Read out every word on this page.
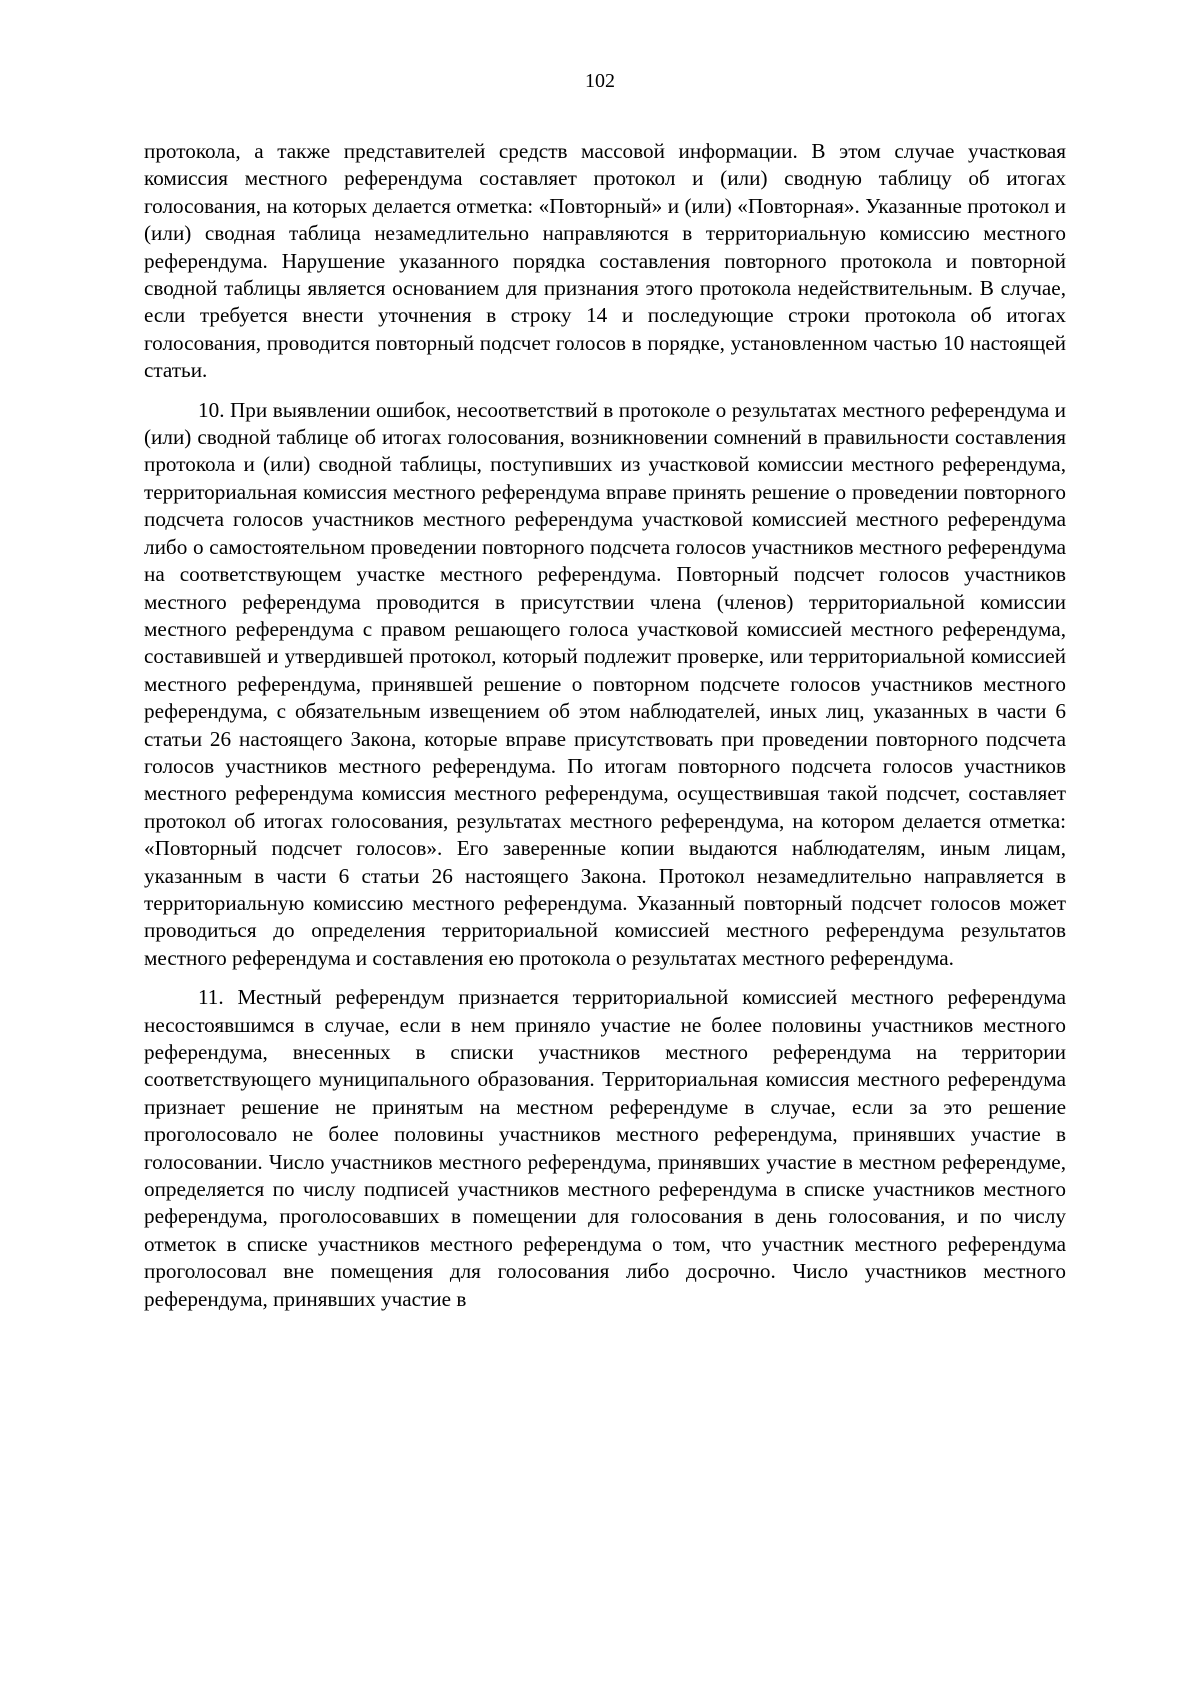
102

протокола, а также представителей средств массовой информации. В этом случае участковая комиссия местного референдума составляет протокол и (или) сводную таблицу об итогах голосования, на которых делается отметка: «Повторный» и (или) «Повторная». Указанные протокол и (или) сводная таблица незамедлительно направляются в территориальную комиссию местного референдума. Нарушение указанного порядка составления повторного протокола и повторной сводной таблицы является основанием для признания этого протокола недействительным. В случае, если требуется внести уточнения в строку 14 и последующие строки протокола об итогах голосования, проводится повторный подсчет голосов в порядке, установленном частью 10 настоящей статьи.

10. При выявлении ошибок, несоответствий в протоколе о результатах местного референдума и (или) сводной таблице об итогах голосования, возникновении сомнений в правильности составления протокола и (или) сводной таблицы, поступивших из участковой комиссии местного референдума, территориальная комиссия местного референдума вправе принять решение о проведении повторного подсчета голосов участников местного референдума участковой комиссией местного референдума либо о самостоятельном проведении повторного подсчета голосов участников местного референдума на соответствующем участке местного референдума. Повторный подсчет голосов участников местного референдума проводится в присутствии члена (членов) территориальной комиссии местного референдума с правом решающего голоса участковой комиссией местного референдума, составившей и утвердившей протокол, который подлежит проверке, или территориальной комиссией местного референдума, принявшей решение о повторном подсчете голосов участников местного референдума, с обязательным извещением об этом наблюдателей, иных лиц, указанных в части 6 статьи 26 настоящего Закона, которые вправе присутствовать при проведении повторного подсчета голосов участников местного референдума. По итогам повторного подсчета голосов участников местного референдума комиссия местного референдума, осуществившая такой подсчет, составляет протокол об итогах голосования, результатах местного референдума, на котором делается отметка: «Повторный подсчет голосов». Его заверенные копии выдаются наблюдателям, иным лицам, указанным в части 6 статьи 26 настоящего Закона. Протокол незамедлительно направляется в территориальную комиссию местного референдума. Указанный повторный подсчет голосов может проводиться до определения территориальной комиссией местного референдума результатов местного референдума и составления ею протокола о результатах местного референдума.

11. Местный референдум признается территориальной комиссией местного референдума несостоявшимся в случае, если в нем приняло участие не более половины участников местного референдума, внесенных в списки участников местного референдума на территории соответствующего муниципального образования. Территориальная комиссия местного референдума признает решение не принятым на местном референдуме в случае, если за это решение проголосовало не более половины участников местного референдума, принявших участие в голосовании. Число участников местного референдума, принявших участие в местном референдуме, определяется по числу подписей участников местного референдума в списке участников местного референдума, проголосовавших в помещении для голосования в день голосования, и по числу отметок в списке участников местного референдума о том, что участник местного референдума проголосовал вне помещения для голосования либо досрочно. Число участников местного референдума, принявших участие в
